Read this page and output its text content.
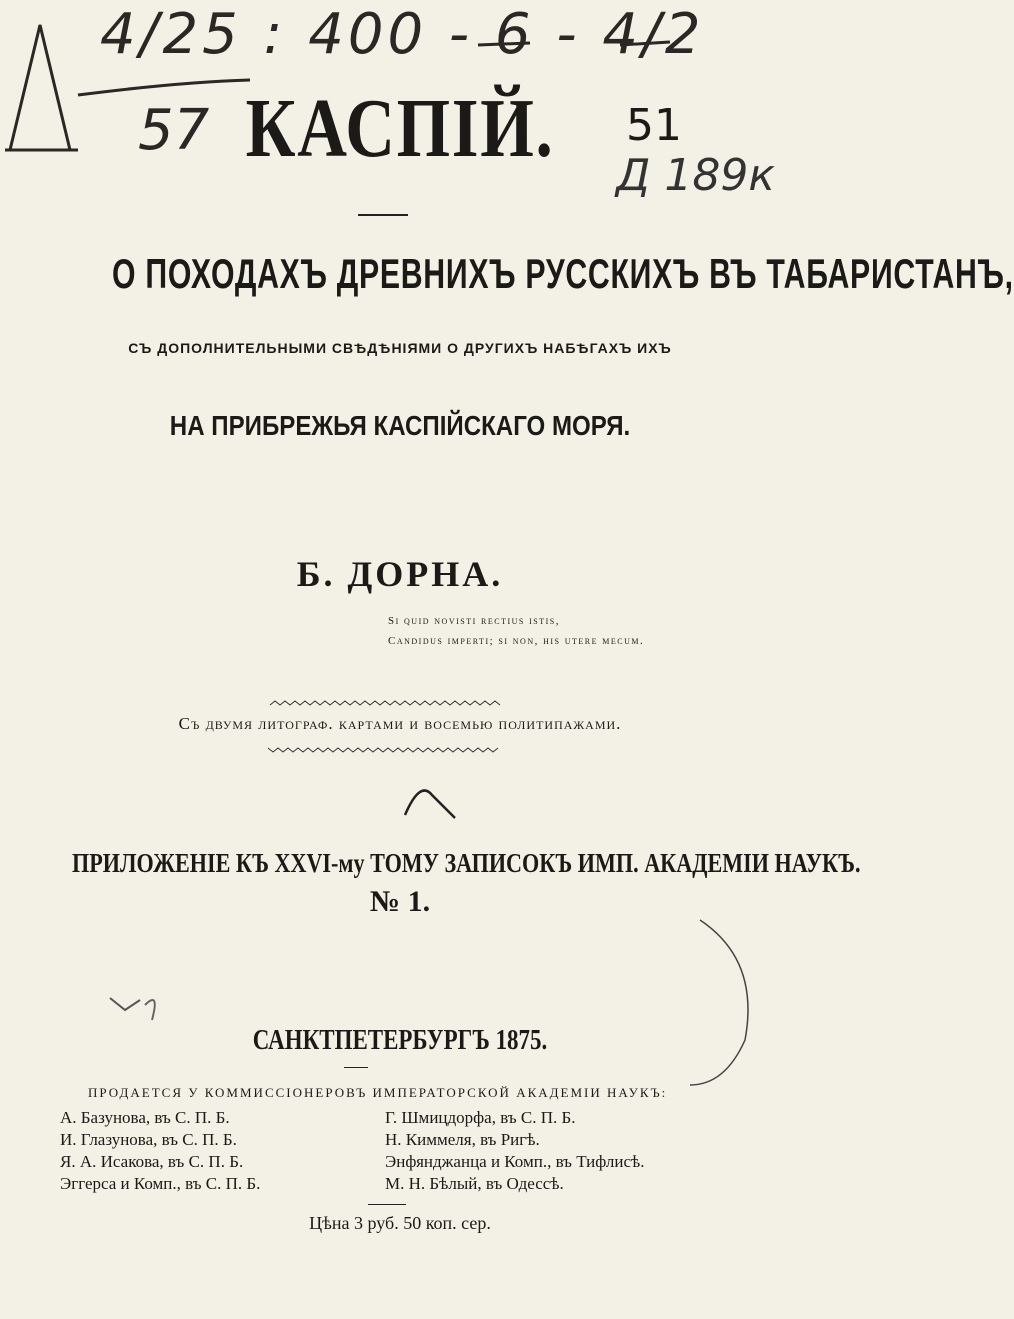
4/25 : 400 - 6 - 4/2
57	51
Д 189к
КАСПІЙ.
О ПОХОДАХЪ ДРЕВНИХЪ РУССКИХЪ ВЪ ТАБАРИСТАНЪ,
СЪ ДОПОЛНИТЕЛЬНЫМИ СВѢДѢНІЯМИ О ДРУГИХЪ НАБѢГАХЪ ИХЪ
НА ПРИБРЕЖЬЯ КАСПІЙСКАГО МОРЯ.
Б. ДОРНА.
Si quid novisti rectius istis,
Candidus imperti; si non, his utere mecum.
Съ двумя литограф. картами и восемью политипажами.
ПРИЛОЖЕНІЕ КЪ XXVI-му ТОМУ ЗАПИСОКЪ ИМП. АКАДЕМІИ НАУКЪ.
№ 1.
САНКТПЕТЕРБУРГЪ 1875.
ПРОДАЕТСЯ У КОММИССІОНЕРОВЪ ИМПЕРАТОРСКОЙ АКАДЕМІИ НАУКЪ:
А. Базунова, въ С. П. Б.
И. Глазунова, въ С. П. Б.
Я. А. Исакова, въ С. П. Б.
Эггерса и Комп., въ С. П. Б.
Г. Шмицдорфа, въ С. П. Б.
Н. Киммеля, въ Ригѣ.
Энфянджанца и Комп., въ Тифлисѣ.
М. Н. Бѣлый, въ Одессѣ.
Цѣна 3 руб. 50 коп. сер.
